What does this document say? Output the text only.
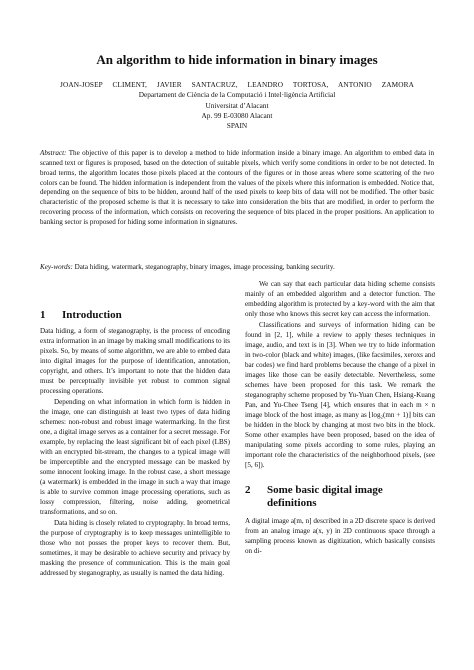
An algorithm to hide information in binary images
JOAN-JOSEP CLIMENT, JAVIER SANTACRUZ, LEANDRO TORTOSA, ANTONIO ZAMORA
Departament de Ciència de la Computació i Intel·ligència Artificial
Universitat d’Alacant
Ap. 99 E-03080 Alacant
SPAIN
Abstract: The objective of this paper is to develop a method to hide information inside a binary image. An algorithm to embed data in scanned text or figures is proposed, based on the detection of suitable pixels, which verify some conditions in order to be not detected. In broad terms, the algorithm locates those pixels placed at the contours of the figures or in those areas where some scattering of the two colors can be found. The hidden information is independent from the values of the pixels where this information is embedded. Notice that, depending on the sequence of bits to be hidden, around half of the used pixels to keep bits of data will not be modified. The other basic characteristic of the proposed scheme is that it is necessary to take into consideration the bits that are modified, in order to perform the recovering process of the information, which consists on recovering the sequence of bits placed in the proper positions. An application to banking sector is proposed for hiding some information in signatures.
Key-words: Data hiding, watermark, steganography, binary images, image processing, banking security.
1	Introduction

Data hiding, a form of steganography, is the process of encoding extra information in an image by making small modifications to its pixels. So, by means of some algorithm, we are able to embed data into digital images for the purpose of identification, annotation, copyright, and others. It’s important to note that the hidden data must be perceptually invisible yet robust to common signal processing operations.

Depending on what information in which form is hidden in the image, one can distinguish at least two types of data hiding schemes: non-robust and robust image watermarking. In the first one, a digital image serves as a container for a secret message. For example, by replacing the least significant bit of each pixel (LBS) with an encrypted bit-stream, the changes to a typical image will be imperceptible and the encrypted message can be masked by some innocent looking image. In the robust case, a short message (a watermark) is embedded in the image in such a way that image is able to survive common image processing operations, such as lossy compression, filtering, noise adding, geometrical transformations, and so on.

Data hiding is closely related to cryptography. In broad terms, the purpose of cryptography is to keep messages unintelligible to those who not posses the proper keys to recover them. But, sometimes, it may be desirable to achieve security and privacy by masking the presence of communication. This is the main goal addressed by steganography, as usually is named the data hiding.

We can say that each particular data hiding scheme consists mainly of an embedded algorithm and a detector function. The embedding algorithm is protected by a key-word with the aim that only those who knows this secret key can access the information.

Classifications and surveys of information hiding can be found in [2, 1], while a review to apply theses techniques in image, audio, and text is in [3]. When we try to hide information in two-color (black and white) images, (like facsimiles, xeroxs and bar codes) we find hard problems because the change of a pixel in images like those can be easily detectable. Nevertheless, some schemes have been proposed for this task. We remark the steganography scheme proposed by Yu-Yuan Chen, Hsiang-Kuang Pan, and Yu-Chee Tseng [4], which ensures that in each m × n image block of the host image, as many as ⌊log₂(mn + 1)⌋ bits can be hidden in the block by changing at most two bits in the block. Some other examples have been proposed, based on the idea of manipulating some pixels according to some rules, playing an important role the characteristics of the neighborhood pixels, (see [5, 6]).

2	Some basic digital image definitions

A digital image a[m, n] described in a 2D discrete space is derived from an analog image a(x, y) in 2D continuous space through a sampling process known as digitization, which basically consists on di-
